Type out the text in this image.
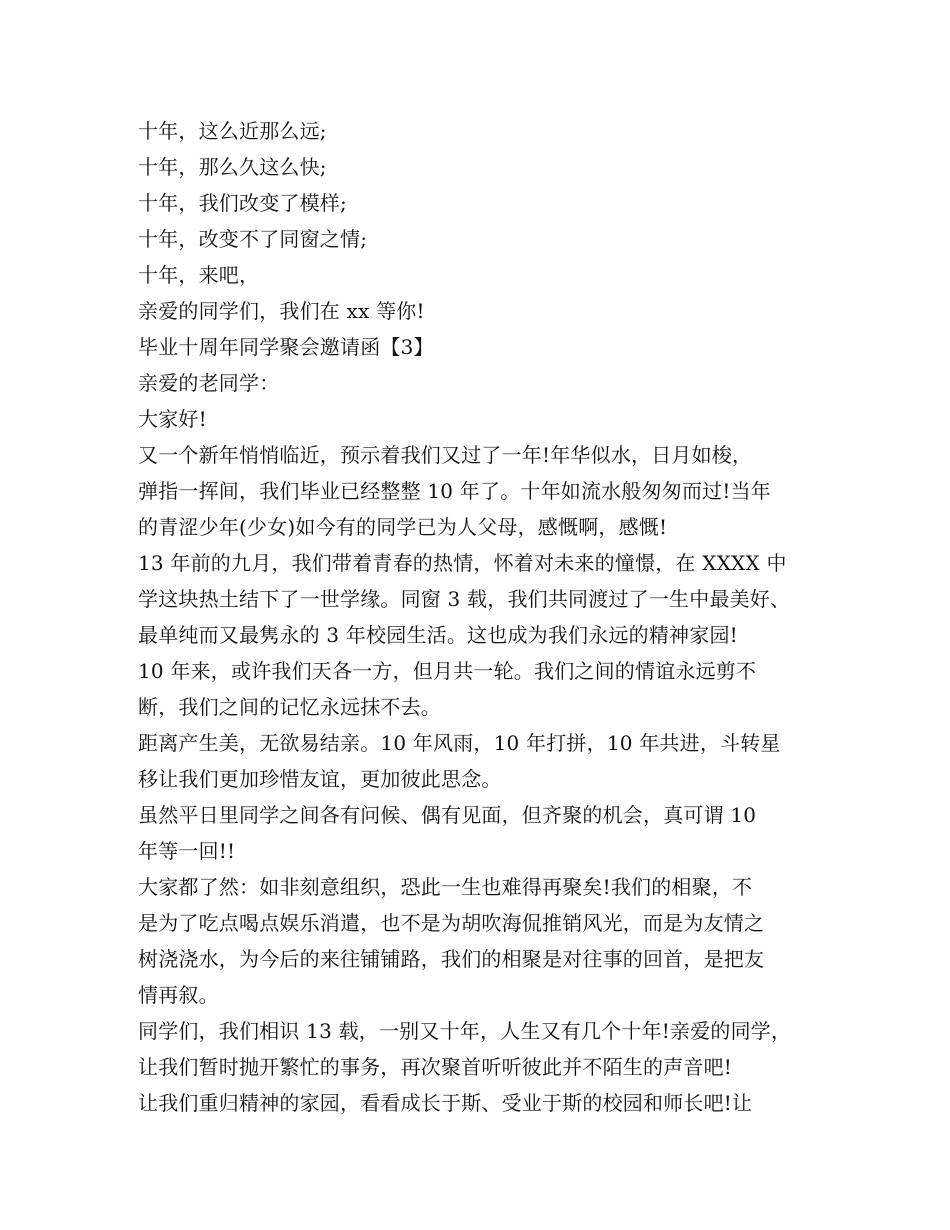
十年，这么近那么远;
十年，那么久这么快;
十年，我们改变了模样;
十年，改变不了同窗之情;
十年，来吧，
亲爱的同学们，我们在 xx 等你!
毕业十周年同学聚会邀请函【3】
亲爱的老同学：
大家好!
又一个新年悄悄临近，预示着我们又过了一年!年华似水，日月如梭，
弹指一挥间，我们毕业已经整整 10 年了。十年如流水般匆匆而过!当年
的青涩少年(少女)如今有的同学已为人父母，感慨啊，感慨!
13 年前的九月，我们带着青春的热情，怀着对未来的憧憬，在 XXXX 中
学这块热土结下了一世学缘。同窗 3 载，我们共同渡过了一生中最美好、
最单纯而又最隽永的 3 年校园生活。这也成为我们永远的精神家园!
10 年来，或许我们天各一方，但月共一轮。我们之间的情谊永远剪不
断，我们之间的记忆永远抹不去。
距离产生美，无欲易结亲。10 年风雨，10 年打拼，10 年共进，斗转星
移让我们更加珍惜友谊，更加彼此思念。
虽然平日里同学之间各有问候、偶有见面，但齐聚的机会，真可谓 10
年等一回!!
大家都了然：如非刻意组织，恐此一生也难得再聚矣!我们的相聚，不
是为了吃点喝点娱乐消遣，也不是为胡吹海侃推销风光，而是为友情之
树浇浇水，为今后的来往铺铺路，我们的相聚是对往事的回首，是把友
情再叙。
同学们，我们相识 13 载，一别又十年，人生又有几个十年!亲爱的同学，
让我们暂时抛开繁忙的事务，再次聚首听听彼此并不陌生的声音吧!
让我们重归精神的家园，看看成长于斯、受业于斯的校园和师长吧!让
